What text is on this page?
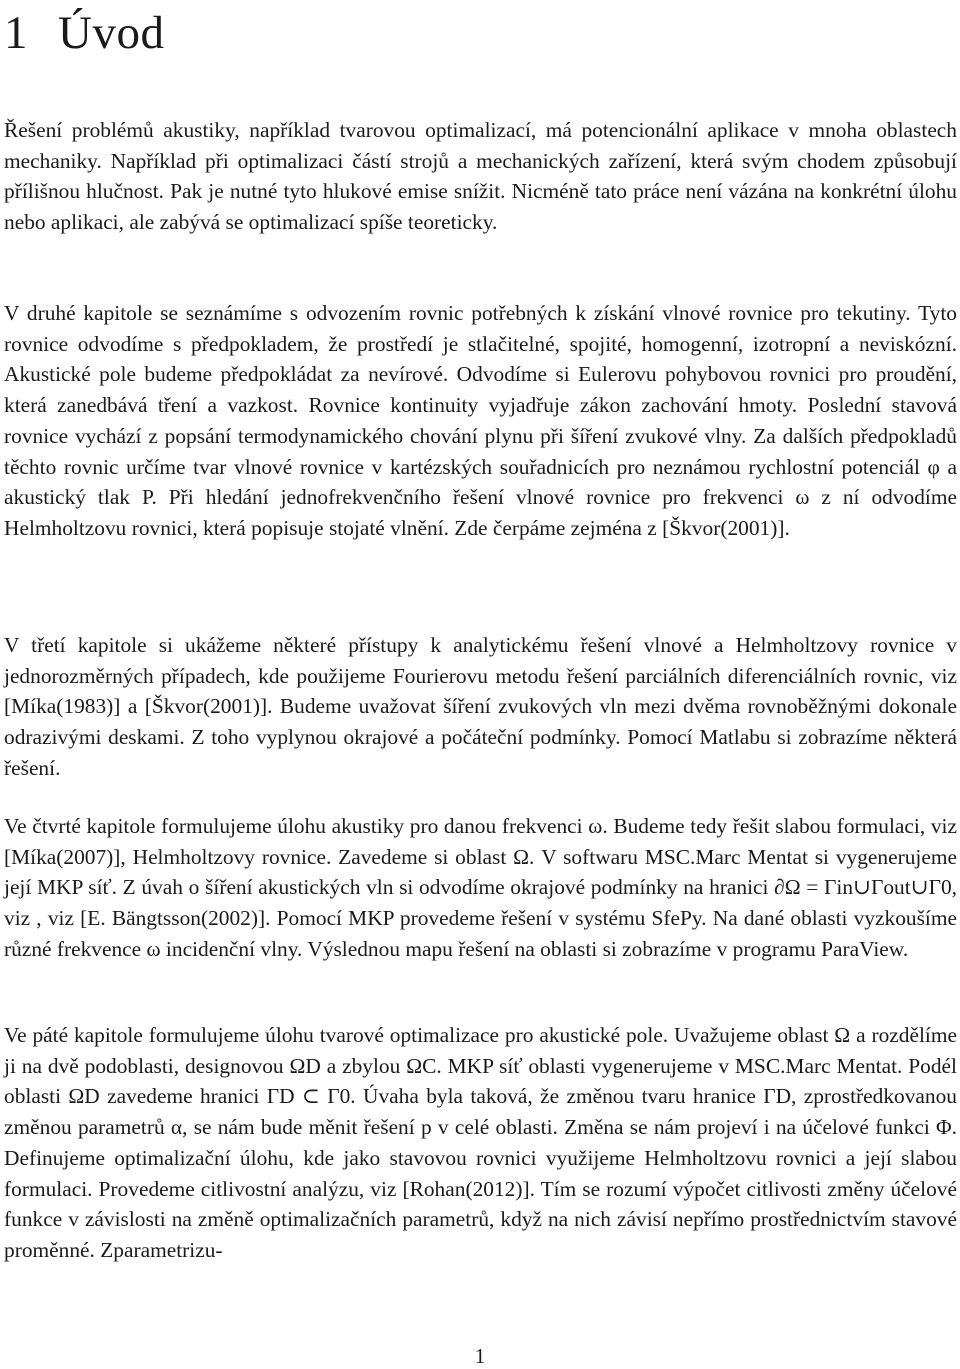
1 Úvod

Řešení problémů akustiky, například tvarovou optimalizací, má potencionální aplikace v mnoha oblastech mechaniky. Například při optimalizaci částí strojů a mechanických zařízení, která svým chodem způsobují přílišnou hlučnost. Pak je nutné tyto hlukové emise snížit. Nicméně tato práce není vázána na konkrétní úlohu nebo aplikaci, ale zabývá se optimalizací spíše teoreticky.

V druhé kapitole se seznámíme s odvozením rovnic potřebných k získání vlnové rovnice pro tekutiny. Tyto rovnice odvodíme s předpokladem, že prostředí je stlačitelné, spojité, homogenní, izotropní a neviskózní. Akustické pole budeme předpokládat za nevírové. Odvodíme si Eulerovu pohybovou rovnici pro proudění, která zanedbává tření a vazkost. Rovnice kontinuity vyjadřuje zákon zachování hmoty. Poslední stavová rovnice vychází z popsání termodynamického chování plynu při šíření zvukové vlny. Za dalších předpokladů těchto rovnic určíme tvar vlnové rovnice v kartézských souřadnicích pro neznámou rychlostní potenciál φ a akustický tlak P. Při hledání jednofrekvenčního řešení vlnové rovnice pro frekvenci ω z ní odvodíme Helmholtzovu rovnici, která popisuje stojaté vlnění. Zde čerpáme zejména z [Škvor(2001)].

V třetí kapitole si ukážeme některé přístupy k analytickému řešení vlnové a Helmholtzovy rovnice v jednorozměrných případech, kde použijeme Fourierovu metodu řešení parciálních diferenciálních rovnic, viz [Míka(1983)] a [Škvor(2001)]. Budeme uvažovat šíření zvukových vln mezi dvěma rovnoběžnými dokonale odrazivými deskami. Z toho vyplynou okrajové a počáteční podmínky. Pomocí Matlabu si zobrazíme některá řešení.

Ve čtvrté kapitole formulujeme úlohu akustiky pro danou frekvenci ω. Budeme tedy řešit slabou formulaci, viz [Míka(2007)], Helmholtzovy rovnice. Zavedeme si oblast Ω. V softwaru MSC.Marc Mentat si vygenerujeme její MKP síť. Z úvah o šíření akustických vln si odvodíme okrajové podmínky na hranici ∂Ω = Γin∪Γout∪Γ0, viz , viz [E. Bängtsson(2002)]. Pomocí MKP provedeme řešení v systému SfePy. Na dané oblasti vyzkoušíme různé frekvence ω incidenční vlny. Výslednou mapu řešení na oblasti si zobrazíme v programu ParaView.

Ve páté kapitole formulujeme úlohu tvarové optimalizace pro akustické pole. Uvažujeme oblast Ω a rozdělíme ji na dvě podoblasti, designovou ΩD a zbylou ΩC. MKP síť oblasti vygenerujeme v MSC.Marc Mentat. Podél oblasti ΩD zavedeme hranici ΓD ⊂ Γ0. Úvaha byla taková, že změnou tvaru hranice ΓD, zprostředkovanou změnou parametrů α, se nám bude měnit řešení p v celé oblasti. Změna se nám projeví i na účelové funkci Φ. Definujeme optimalizační úlohu, kde jako stavovou rovnici využijeme Helmholtzovu rovnici a její slabou formulaci. Provedeme citlivostní analýzu, viz [Rohan(2012)]. Tím se rozumí výpočet citlivosti změny účelové funkce v závislosti na změně optimalizačních parametrů, když na nich závisí nepřímo prostřednictvím stavové proměnné. Zparametrizu-

1
